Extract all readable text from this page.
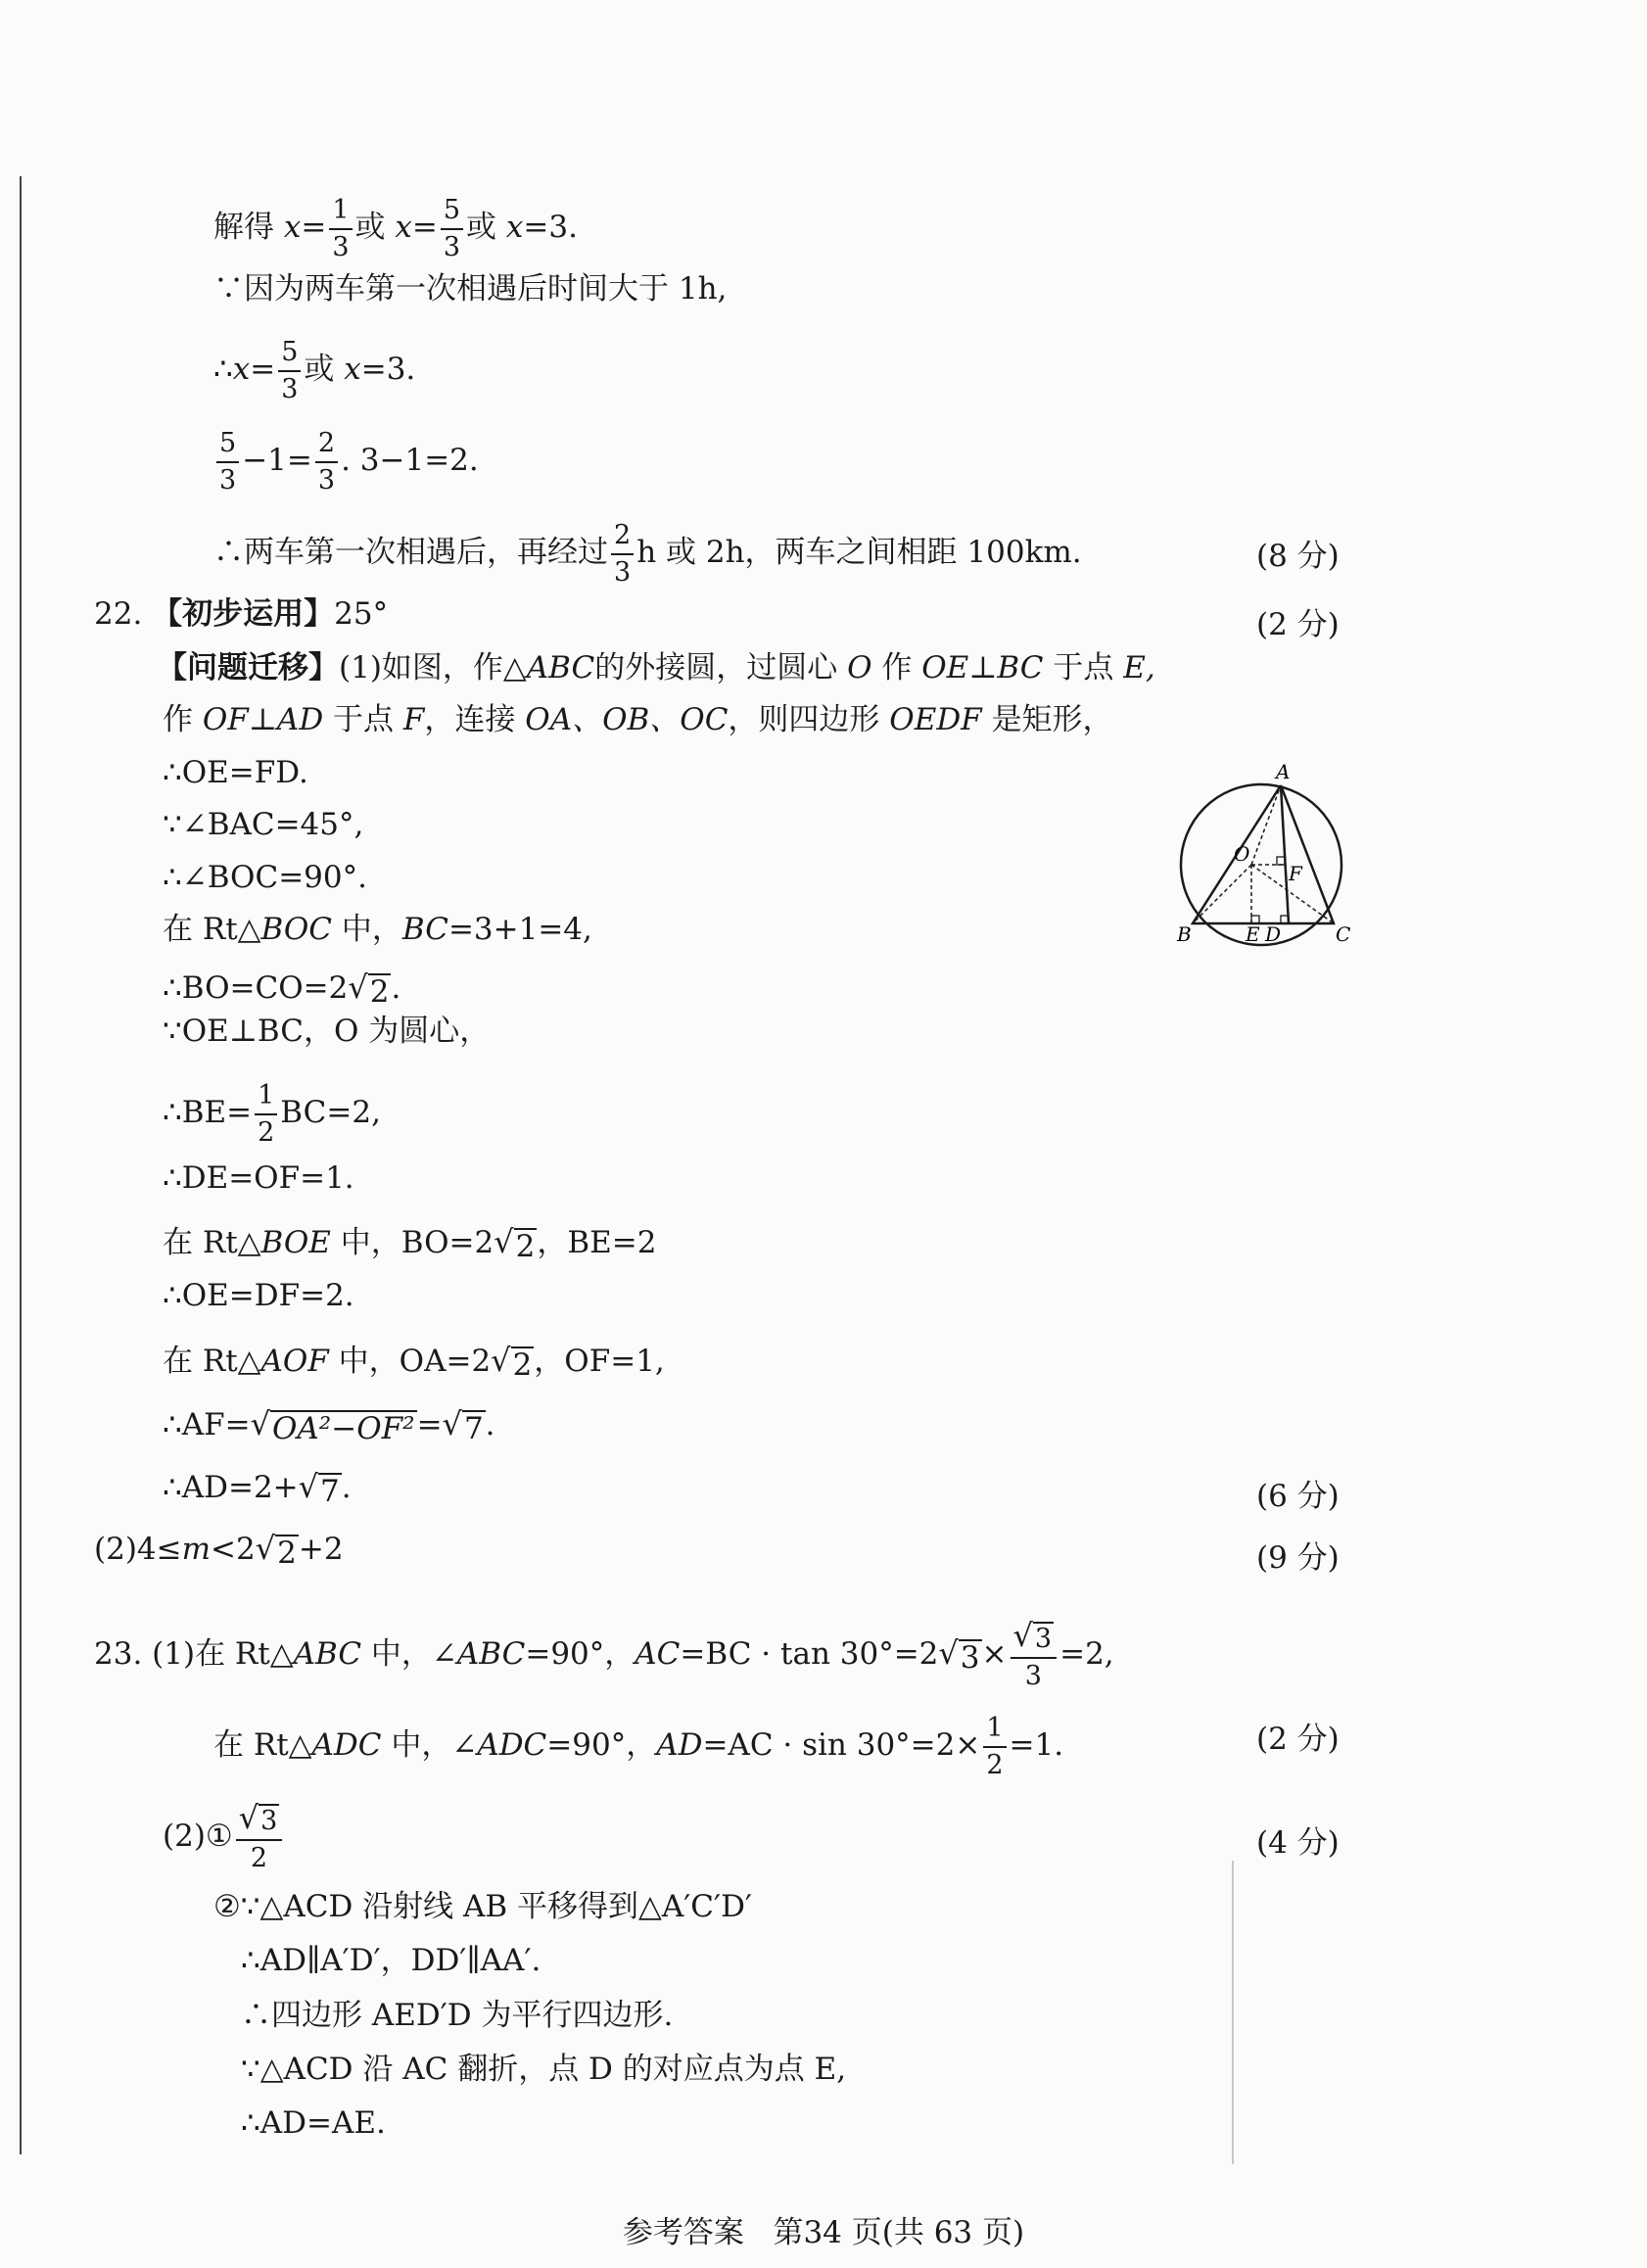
解得 $x= \frac{1}{3}$ 或 $x= \frac{5}{3}$ 或 x=3.
∵因为两车第一次相遇后时间大于 1h,
∴x= $\frac{5}{3}$ 或 x=3.
$\frac{5}{3} -1= \frac{2}{3}$ . 3−1=2.
∴两车第一次相遇后，再经过 $\frac{2}{3}$ h 或 2h，两车之间相距 100km.	(8 分)
22. 【初步运用】25°	(2 分)
【问题迁移】(1)如图，作△ABC的外接圆，过圆心 O 作 OE⊥BC 于点 E,
作 OF⊥AD 于点 F，连接 OA、OB、OC，则四边形 OEDF 是矩形，
∴OE=FD.
∵∠BAC=45°,
∴∠BOC=90°.
在 Rt△BOC 中，BC=3+1=4,
∴BO=CO=2 √ 2 .
∵OE⊥BC，O 为圆心，
∴BE= $\frac{1}{2} BC=2$,
∴DE=OF=1.
在 Rt△BOE 中，BO=2 √ 2 ，BE=2
∴OE=DF=2.
在 Rt△AOF 中，OA=2 √ 2 ，OF=1,
∴AF= √ OA²−OF² = √ 7 .
∴AD=2+ √ 7 .	(6 分)
(2)4≤m<2 √ 2 +2	(9 分)
23. (1)在 Rt△ABC 中，∠ABC=90°，AC=BC · tan 30°=2 √ $3 \times \frac{√ 3}{3} =2$,
在 Rt△ADC 中，∠ADC=90°，$AD=AC \cdot \sin 30^\circ=2\times \frac{1}{2} =1$.	(2 分)
(2)① $\frac{√ 3}{2}$	(4 分)
②∵△ACD 沿射线 AB 平移得到△A′C′D′
∴AD∥A′D′，DD′∥AA′.
∴四边形 AED′D 为平行四边形.
∵△ACD 沿 AC 翻折，点 D 的对应点为点 E,
∴AD=AE.
A
O
F
B	E D	C
参考答案 第34 页(共 63 页)
